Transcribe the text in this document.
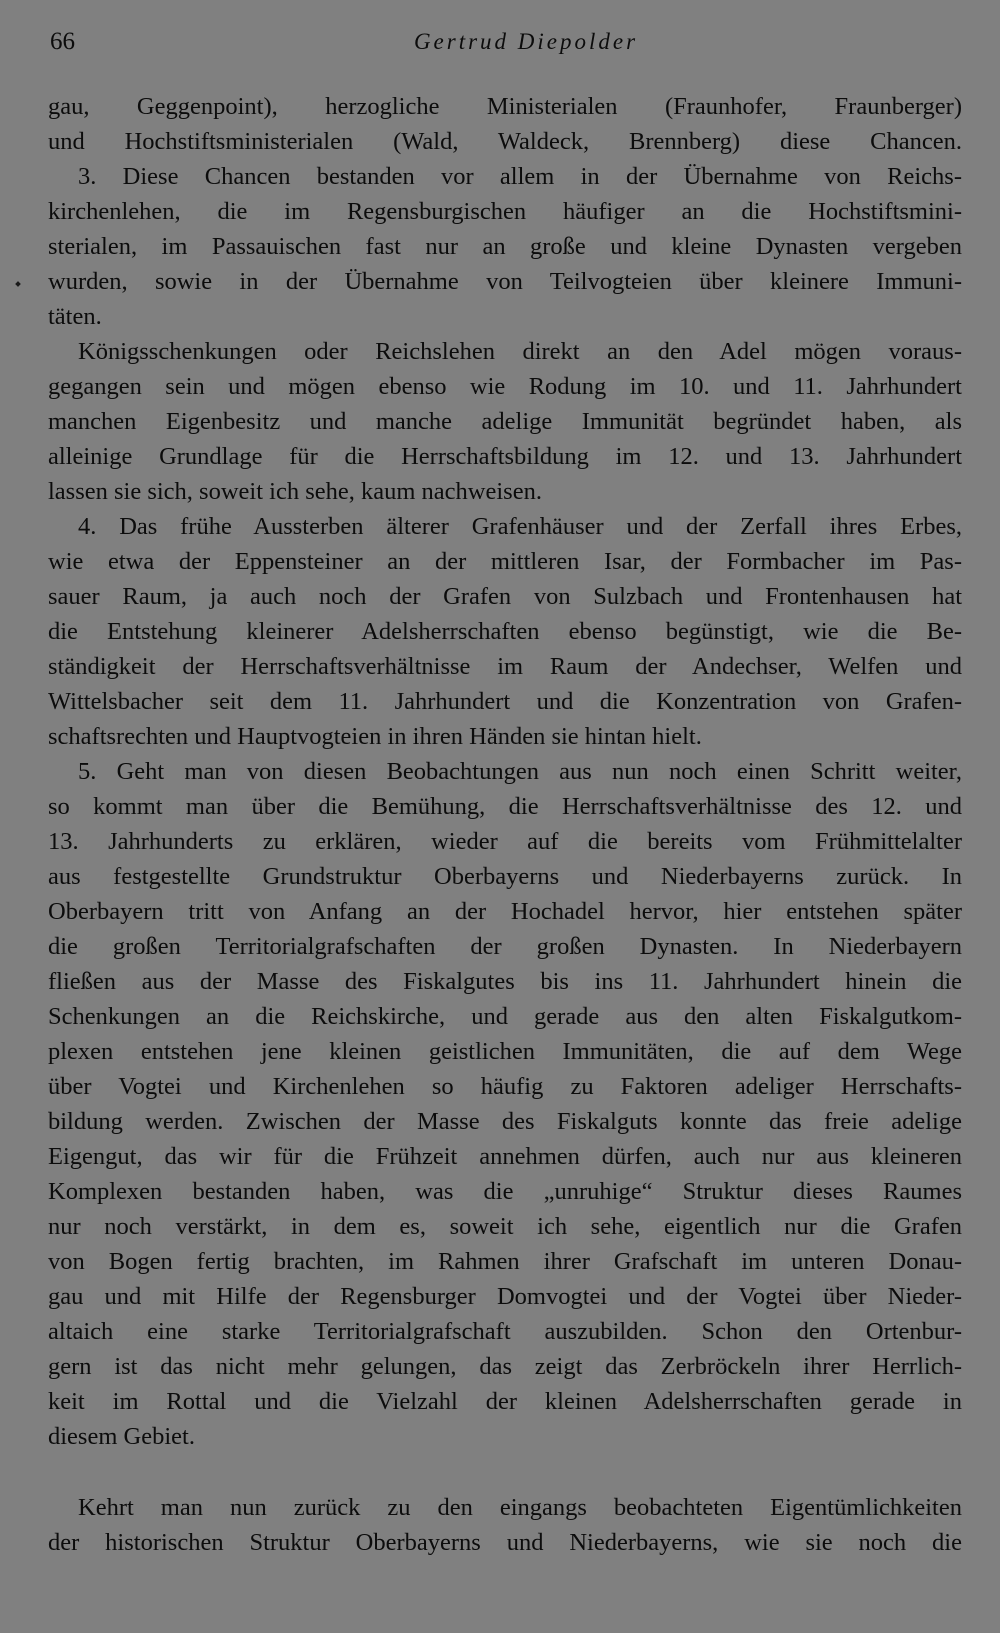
66	Gertrud Diepolder
gau, Geggenpoint), herzogliche Ministerialen (Fraunhofer, Fraunberger)
und Hochstiftsministerialen (Wald, Waldeck, Brennberg) diese Chancen.
3. Diese Chancen bestanden vor allem in der Übernahme von Reichs-
kirchenlehen, die im Regensburgischen häufiger an die Hochstiftsmini-
sterialen, im Passauischen fast nur an große und kleine Dynasten vergeben
wurden, sowie in der Übernahme von Teilvogteien über kleinere Immuni-
täten.
Königsschenkungen oder Reichslehen direkt an den Adel mögen voraus-
gegangen sein und mögen ebenso wie Rodung im 10. und 11. Jahrhundert
manchen Eigenbesitz und manche adelige Immunität begründet haben, als
alleinige Grundlage für die Herrschaftsbildung im 12. und 13. Jahrhundert
lassen sie sich, soweit ich sehe, kaum nachweisen.
4. Das frühe Aussterben älterer Grafenhäuser und der Zerfall ihres Erbes,
wie etwa der Eppensteiner an der mittleren Isar, der Formbacher im Pas-
sauer Raum, ja auch noch der Grafen von Sulzbach und Frontenhausen hat
die Entstehung kleinerer Adelsherrschaften ebenso begünstigt, wie die Be-
ständigkeit der Herrschaftsverhältnisse im Raum der Andechser, Welfen und
Wittelsbacher seit dem 11. Jahrhundert und die Konzentration von Grafen-
schaftsrechten und Hauptvogteien in ihren Händen sie hintan hielt.
5. Geht man von diesen Beobachtungen aus nun noch einen Schritt weiter,
so kommt man über die Bemühung, die Herrschaftsverhältnisse des 12. und
13. Jahrhunderts zu erklären, wieder auf die bereits vom Frühmittelalter
aus festgestellte Grundstruktur Oberbayerns und Niederbayerns zurück. In
Oberbayern tritt von Anfang an der Hochadel hervor, hier entstehen später
die großen Territorialgrafschaften der großen Dynasten. In Niederbayern
fließen aus der Masse des Fiskalgutes bis ins 11. Jahrhundert hinein die
Schenkungen an die Reichskirche, und gerade aus den alten Fiskalgutkom-
plexen entstehen jene kleinen geistlichen Immunitäten, die auf dem Wege
über Vogtei und Kirchenlehen so häufig zu Faktoren adeliger Herrschafts-
bildung werden. Zwischen der Masse des Fiskalguts konnte das freie adelige
Eigengut, das wir für die Frühzeit annehmen dürfen, auch nur aus kleineren
Komplexen bestanden haben, was die „unruhige“ Struktur dieses Raumes
nur noch verstärkt, in dem es, soweit ich sehe, eigentlich nur die Grafen
von Bogen fertig brachten, im Rahmen ihrer Grafschaft im unteren Donau-
gau und mit Hilfe der Regensburger Domvogtei und der Vogtei über Nieder-
altaich eine starke Territorialgrafschaft auszubilden. Schon den Ortenbur-
gern ist das nicht mehr gelungen, das zeigt das Zerbröckeln ihrer Herrlich-
keit im Rottal und die Vielzahl der kleinen Adelsherrschaften gerade in
diesem Gebiet.
Kehrt man nun zurück zu den eingangs beobachteten Eigentümlichkeiten
der historischen Struktur Oberbayerns und Niederbayerns, wie sie noch die
